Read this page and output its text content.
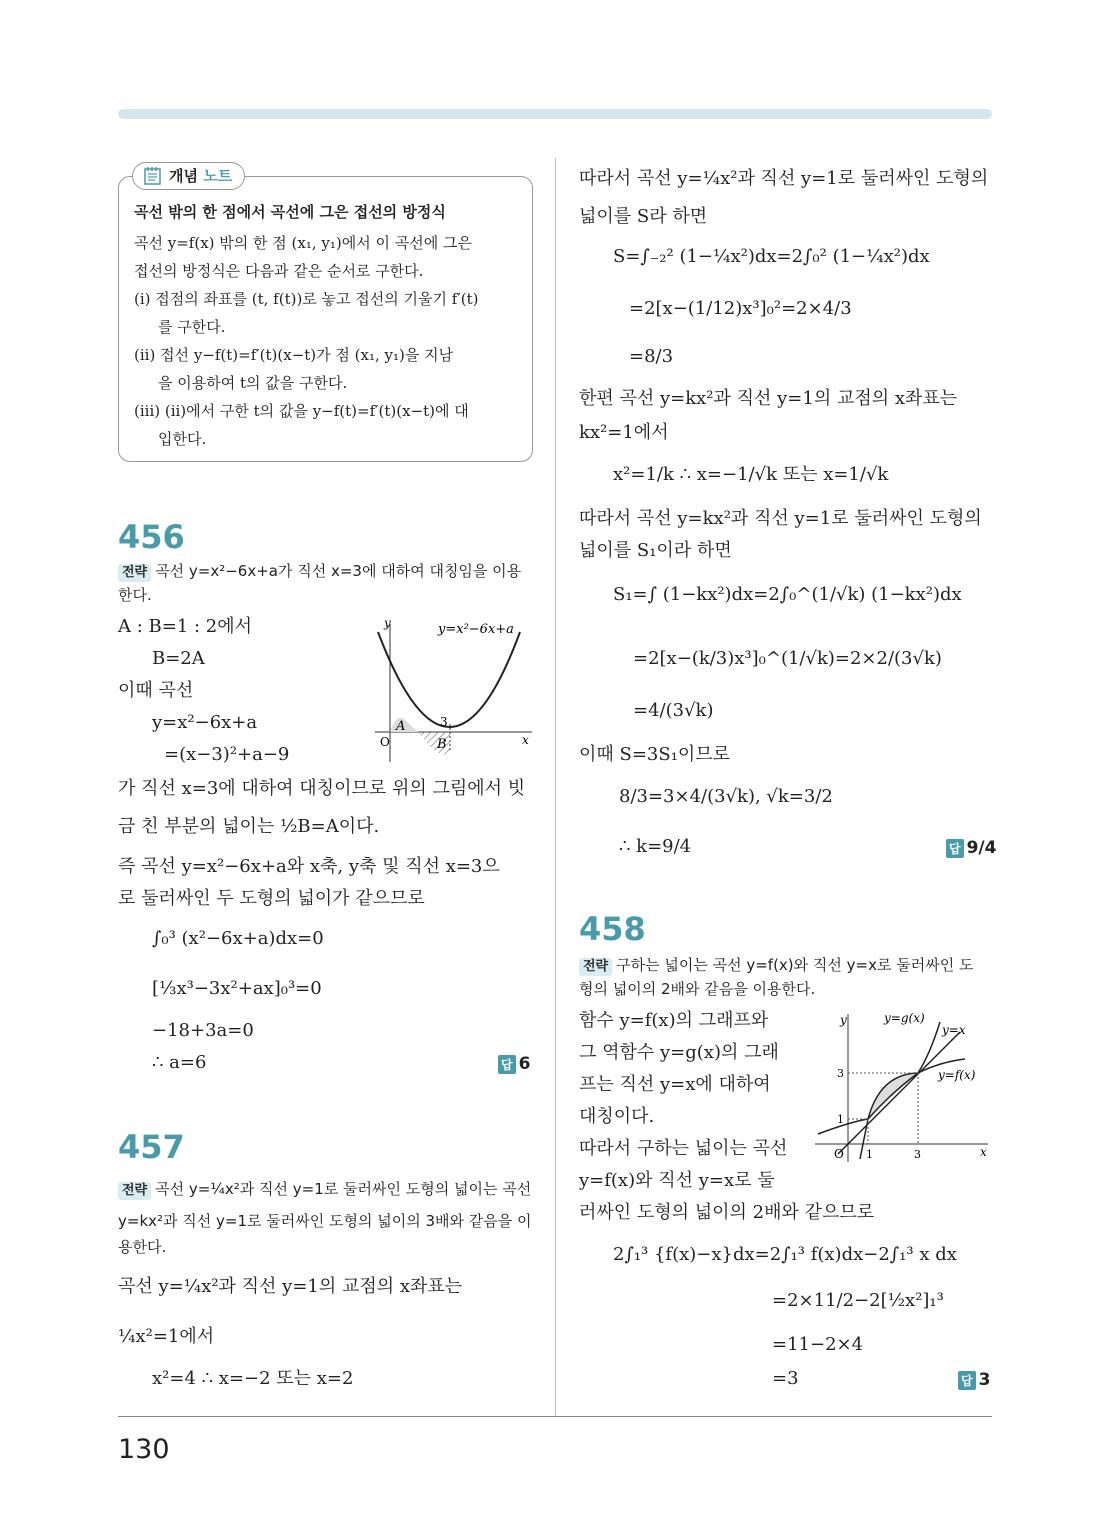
개념 노트
곡선 밖의 한 점에서 곡선에 그은 접선의 방정식
곡선 y=f(x) 밖의 한 점 (x₁, y₁)에서 이 곡선에 그은
접선의 방정식은 다음과 같은 순서로 구한다.
(i) 접점의 좌표를 (t, f(t))로 놓고 접선의 기울기 f′(t)
를 구한다.
(ii) 접선 y−f(t)=f′(t)(x−t)가 점 (x₁, y₁)을 지남
을 이용하여 t의 값을 구한다.
(iii) (ii)에서 구한 t의 값을 y−f(t)=f′(t)(x−t)에 대
입한다.
456
전략 곡선 y=x²−6x+a가 직선 x=3에 대하여 대칭임을 이용
한다.
A : B=1 : 2에서
B=2A
이때 곡선
y=x²−6x+a
=(x−3)²+a−9
가 직선 x=3에 대하여 대칭이므로 위의 그림에서 빗
금 친 부분의 넓이는 ½B=A이다.
즉 곡선 y=x²−6x+a와 x축, y축 및 직선 x=3으
로 둘러싸인 두 도형의 넓이가 같으므로
∫₀³ (x²−6x+a)dx=0
[⅓x³−3x²+ax]₀³=0
−18+3a=0
∴ a=6	답 6
y
x
O
3
A
B
y=x²−6x+a
457
전략 곡선 y=¼x²과 직선 y=1로 둘러싸인 도형의 넓이는 곡선
y=kx²과 직선 y=1로 둘러싸인 도형의 넓이의 3배와 같음을 이
용한다.
곡선 y=¼x²과 직선 y=1의 교점의 x좌표는
¼x²=1에서
x²=4 ∴ x=−2 또는 x=2
따라서 곡선 y=¼x²과 직선 y=1로 둘러싸인 도형의
넓이를 S라 하면
S=∫₋₂² (1−¼x²)dx=2∫₀² (1−¼x²)dx
=2[x−(1/12)x³]₀²=2×4/3
=8/3
한편 곡선 y=kx²과 직선 y=1의 교점의 x좌표는
kx²=1에서
x²=1/k ∴ x=−1/√k 또는 x=1/√k
따라서 곡선 y=kx²과 직선 y=1로 둘러싸인 도형의
넓이를 S₁이라 하면
S₁=∫ (1−kx²)dx=2∫₀^(1/√k) (1−kx²)dx
=2[x−(k/3)x³]₀^(1/√k)=2×2/(3√k)
=4/(3√k)
이때 S=3S₁이므로
8/3=3×4/(3√k), √k=3/2
∴ k=9/4	답 9/4
458
전략 구하는 넓이는 곡선 y=f(x)와 직선 y=x로 둘러싸인 도
형의 넓이의 2배와 같음을 이용한다.
함수 y=f(x)의 그래프와
그 역함수 y=g(x)의 그래
프는 직선 y=x에 대하여
대칭이다.
따라서 구하는 넓이는 곡선
y=f(x)와 직선 y=x로 둘
러싸인 도형의 넓이의 2배와 같으므로
2∫₁³ {f(x)−x}dx=2∫₁³ f(x)dx−2∫₁³ x dx
=2×11/2−2[½x²]₁³
=11−2×4
=3	답 3
y
x
O 1	3
1
3
y=g(x)
y=x
y=f(x)
130
